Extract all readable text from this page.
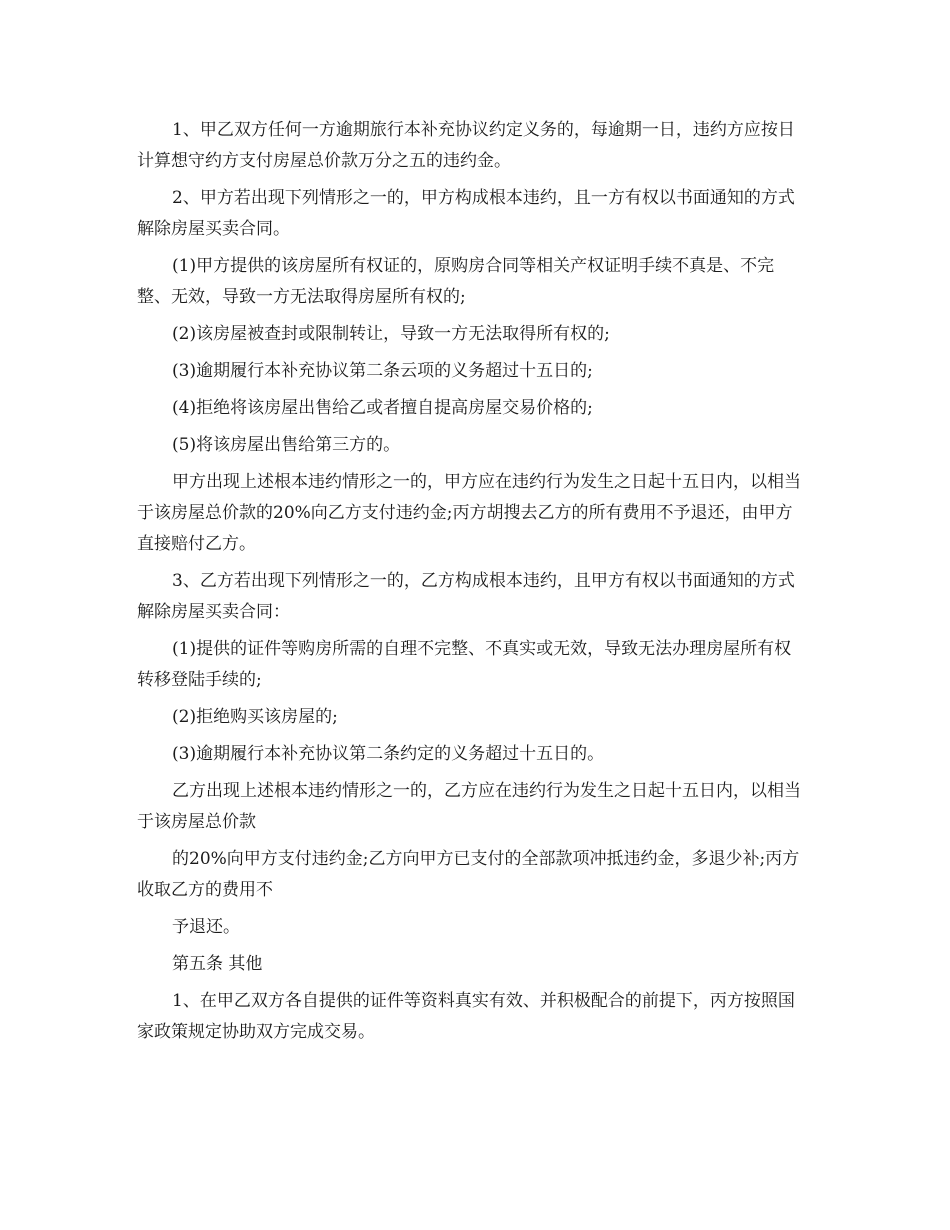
1、甲乙双方任何一方逾期旅行本补充协议约定义务的，每逾期一日，违约方应按日计算想守约方支付房屋总价款万分之五的违约金。

2、甲方若出现下列情形之一的，甲方构成根本违约，且一方有权以书面通知的方式解除房屋买卖合同。

(1)甲方提供的该房屋所有权证的，原购房合同等相关产权证明手续不真是、不完整、无效，导致一方无法取得房屋所有权的;

(2)该房屋被查封或限制转让，导致一方无法取得所有权的;

(3)逾期履行本补充协议第二条云项的义务超过十五日的;

(4)拒绝将该房屋出售给乙或者擅自提高房屋交易价格的;

(5)将该房屋出售给第三方的。

甲方出现上述根本违约情形之一的，甲方应在违约行为发生之日起十五日内，以相当于该房屋总价款的20%向乙方支付违约金;丙方胡搜去乙方的所有费用不予退还，由甲方直接赔付乙方。

3、乙方若出现下列情形之一的，乙方构成根本违约，且甲方有权以书面通知的方式解除房屋买卖合同：

(1)提供的证件等购房所需的自理不完整、不真实或无效，导致无法办理房屋所有权转移登陆手续的;

(2)拒绝购买该房屋的;

(3)逾期履行本补充协议第二条约定的义务超过十五日的。

乙方出现上述根本违约情形之一的，乙方应在违约行为发生之日起十五日内，以相当于该房屋总价款

的20%向甲方支付违约金;乙方向甲方已支付的全部款项冲抵违约金，多退少补;丙方收取乙方的费用不

予退还。

第五条 其他

1、在甲乙双方各自提供的证件等资料真实有效、并积极配合的前提下，丙方按照国家政策规定协助双方完成交易。
